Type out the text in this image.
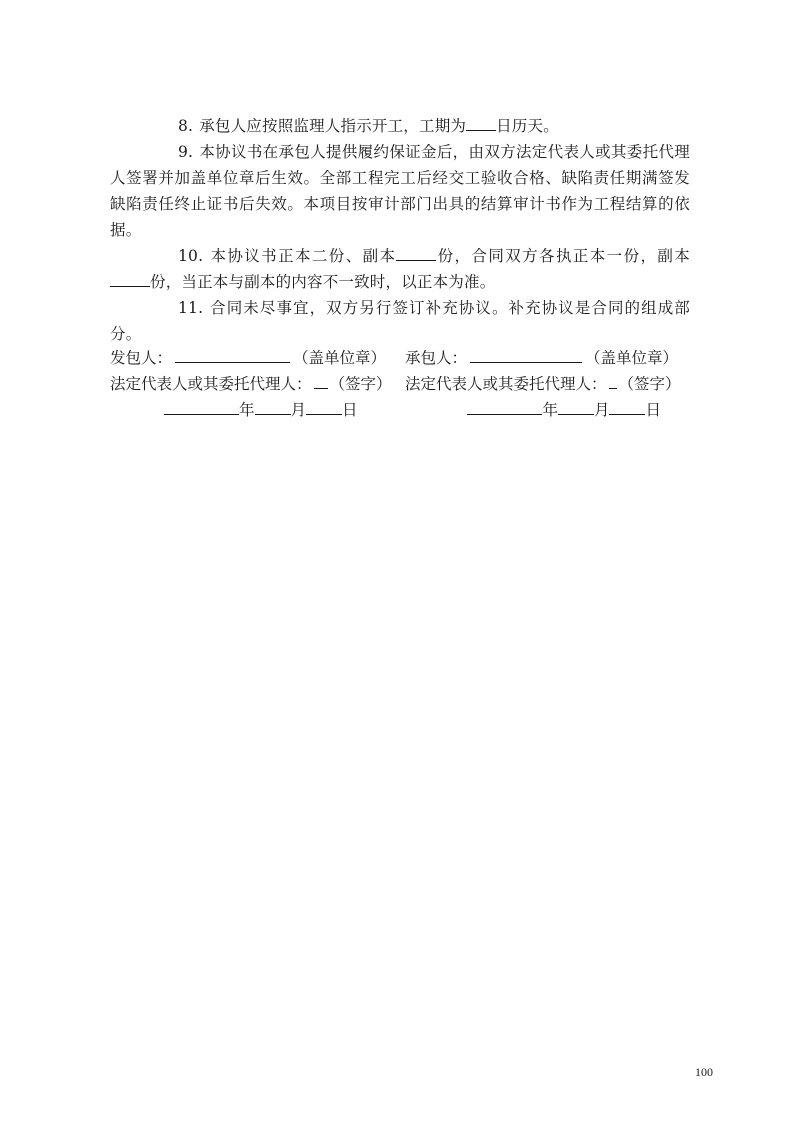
8. 承包人应按照监理人指示开工，工期为 日历天。

9. 本协议书在承包人提供履约保证金后，由双方法定代表人或其委托代理人签署并加盖单位章后生效。全部工程完工后经交工验收合格、缺陷责任期满签发缺陷责任终止证书后失效。本项目按审计部门出具的结算审计书作为工程结算的依据。

10. 本协议书正本二份、副本	份，合同双方各执正本一份，副本份，当正本与副本的内容不一致时，以正本为准。

11. 合同未尽事宜，双方另行签订补充协议。补充协议是合同的组成部分。

发包人：	（盖单位章） 承包人：	（盖单位章）
法定代表人或其委托代理人： （签字） 法定代表人或其委托代理人： （签字）
年 月 日	年 月 日
100
